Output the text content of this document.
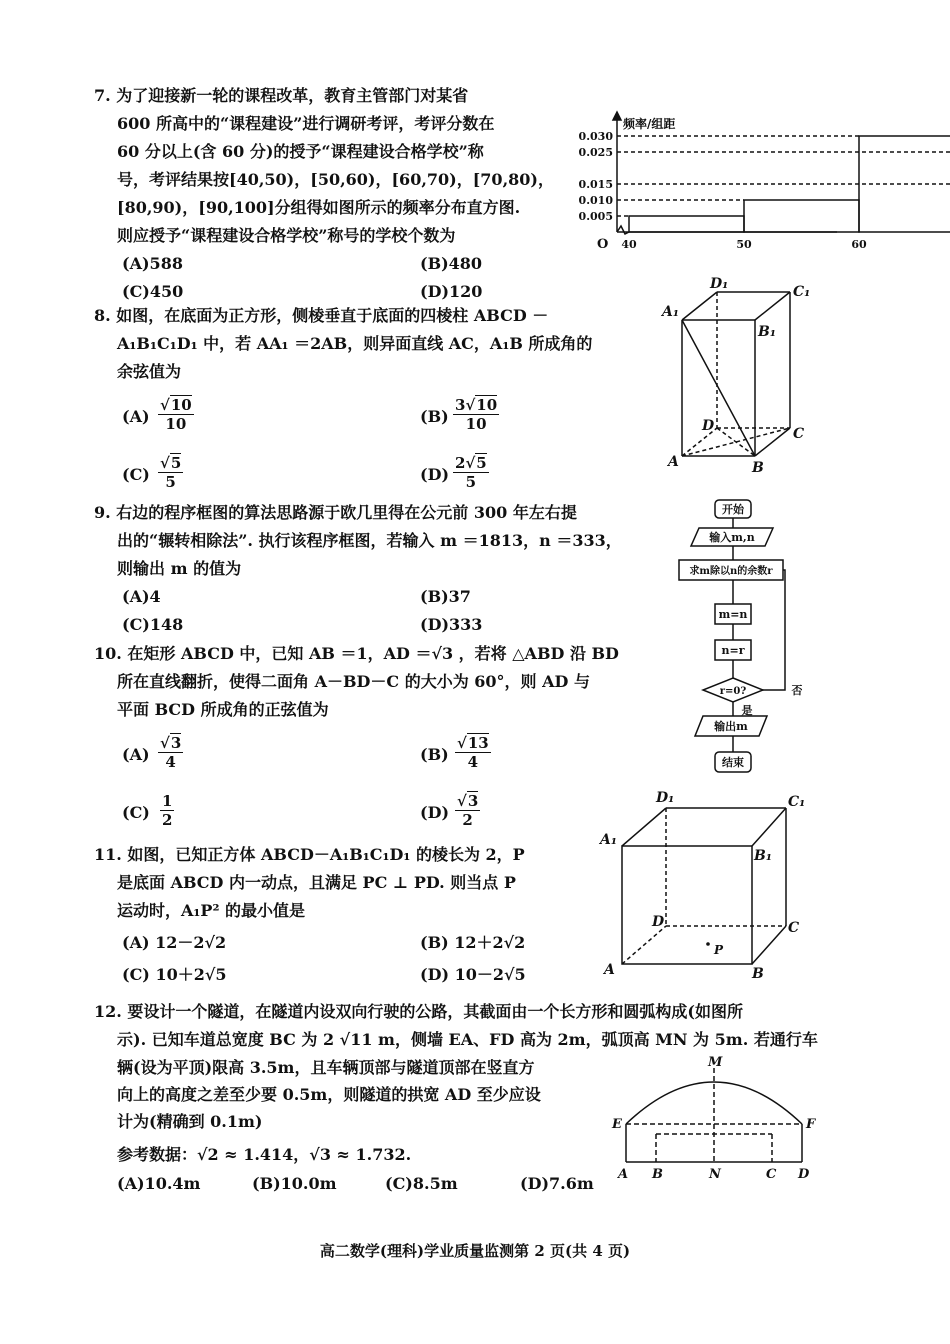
7. 为了迎接新一轮的课程改革，教育主管部门对某省
600 所高中的“课程建设”进行调研考评，考评分数在
60 分以上(含 60 分)的授予“课程建设合格学校”称
号，考评结果按[40,50)，[50,60)，[60,70)，[70,80)，
[80,90)，[90,100]分组得如图所示的频率分布直方图.
则应授予“课程建设合格学校”称号的学校个数为
(A)588	(B)480
(C)450	(D)120
0.030
0.025
0.015
0.010
0.005
40	50	60
O
频率/组距
8. 如图，在底面为正方形，侧棱垂直于底面的四棱柱 ABCD －
A₁B₁C₁D₁ 中，若 AA₁ ＝2AB，则异面直线 AC，A₁B 所成角的
余弦值为
$(A) \frac{√10}{10}$	$(B) \frac{3√10}{10}$
$(C) \frac{√5}{5}$	$(D) \frac{2√5}{5}$
A₁
B₁
C₁
D₁
A	B
C
D
9. 右边的程序框图的算法思路源于欧几里得在公元前 300 年左右提
出的“辗转相除法”. 执行该程序框图，若输入 m ＝1813，n ＝333，
则输出 m 的值为
(A)4	(B)37
(C)148	(D)333
开始
输入m,n
求m除以n的余数r
m=n
n=r
r=0?	否
是
输出m
结束
10. 在矩形 ABCD 中，已知 AB ＝1，AD ＝√3 ，若将 △ABD 沿 BD
所在直线翻折，使得二面角 A－BD－C 的大小为 60°，则 AD 与
平面 BCD 所成角的正弦值为
$(A) \frac{√3}{4}$	$(B) \frac{√13}{4}$
$(C) \frac{1}{2}$	$(D) \frac{√3}{2}$
A₁
B₁
C₁
D₁
A	B
C
D
P
11. 如图，已知正方体 ABCD－A₁B₁C₁D₁ 的棱长为 2，P
是底面 ABCD 内一动点，且满足 PC ⊥ PD. 则当点 P
运动时，A₁P² 的最小值是
(A) 12－2√2	(B) 12＋2√2
(C) 10＋2√5	(D) 10－2√5
12. 要设计一个隧道，在隧道内设双向行驶的公路，其截面由一个长方形和圆弧构成(如图所
示). 已知车道总宽度 BC 为 2 √11 m，侧墙 EA、FD 高为 2m，弧顶高 MN 为 5m. 若通行车
辆(设为平顶)限高 3.5m，且车辆顶部与隧道顶部在竖直方
向上的高度之差至少要 0.5m，则隧道的拱宽 AD 至少应设
计为(精确到 0.1m)
参考数据：√2 ≈ 1.414，√3 ≈ 1.732.
(A)10.4m	(B)10.0m	(C)8.5m	(D)7.6m
M
E	F
A B	N	C D
高二数学(理科)学业质量监测第 2 页(共 4 页)
